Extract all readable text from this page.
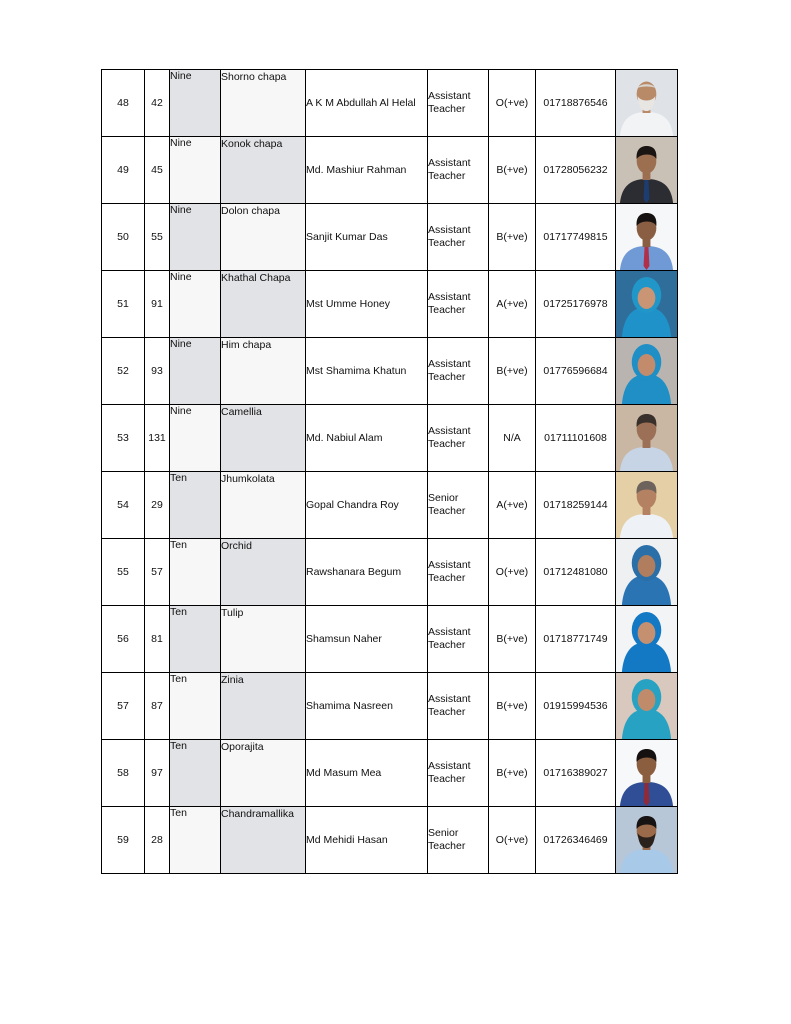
48	42	Nine	Shorno chapa	A K M Abdullah Al Helal	Assistant Teacher	O(+ve)	01718876546	

49	45	Nine	Konok chapa	Md. Mashiur Rahman	Assistant Teacher	B(+ve)	01728056232	

50	55	Nine	Dolon chapa	Sanjit Kumar Das	Assistant Teacher	B(+ve)	01717749815	

51	91	Nine	Khathal Chapa	Mst Umme Honey	Assistant Teacher	A(+ve)	01725176978	

52	93	Nine	Him chapa	Mst Shamima Khatun	Assistant Teacher	B(+ve)	01776596684	

53	131	Nine	Camellia	Md. Nabiul Alam	Assistant Teacher	N/A	01711101608	

54	29	Ten	Jhumkolata	Gopal Chandra Roy	Senior Teacher	A(+ve)	01718259144	

55	57	Ten	Orchid	Rawshanara Begum	Assistant Teacher	O(+ve)	01712481080	

56	81	Ten	Tulip	Shamsun Naher	Assistant Teacher	B(+ve)	01718771749	

57	87	Ten	Zinia	Shamima Nasreen	Assistant Teacher	B(+ve)	01915994536	

58	97	Ten	Oporajita	Md Masum Mea	Assistant Teacher	B(+ve)	01716389027	

59	28	Ten	Chandramallika	Md Mehidi Hasan	Senior Teacher	O(+ve)	01726346469	
